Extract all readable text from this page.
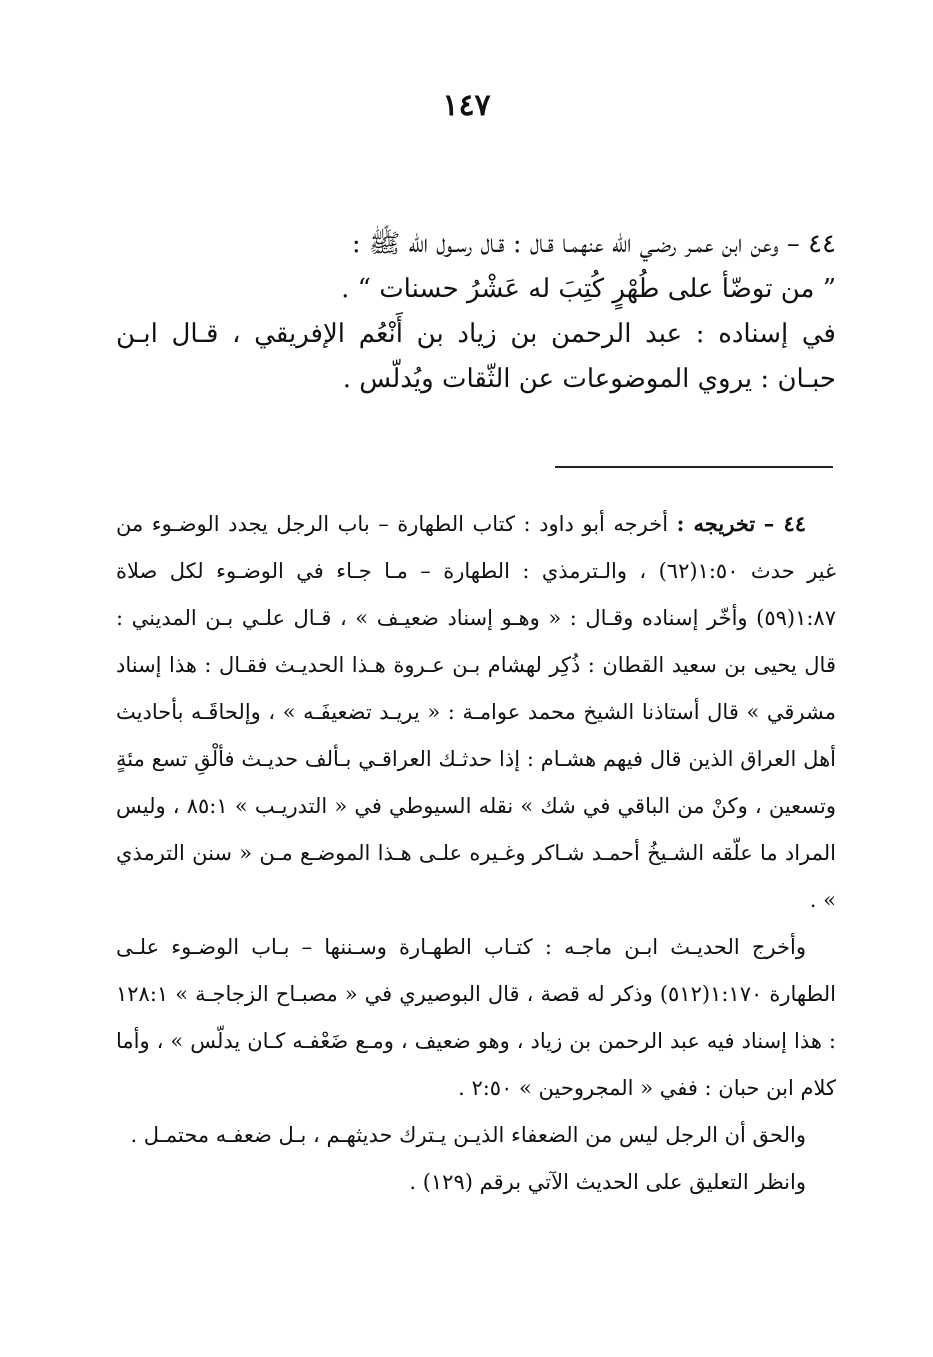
١٤٧

٤٤ – وعن ابن عمـر رضـي الله عنهمـا قـال : قـال رسـول الله ﷺ :

” من توضّأ على طُهْرٍ كُتِبَ له عَشْرُ حسنات “ .

في إسناده : عبد الرحمن بن زياد بن أَنْعُم الإفريقي ، قـال ابـن حبـان : يروي الموضوعات عن الثّقات ويُدلّس .

٤٤ – تخريجه : أخرجه أبو داود : كتاب الطهارة – باب الرجل يجدد الوضـوء من غير حدث ١:٥٠(٦٢) ، والـترمذي : الطهارة – مـا جـاء في الوضـوء لكل صلاة ١:٨٧(٥٩) وأخّر إسناده وقـال : « وهـو إسناد ضعيـف » ، قـال علـي بـن المديني : قال يحيى بن سعيد القطان : ذُكِر لهشام بـن عـروة هـذا الحديـث فقـال : هذا إسناد مشرقي » قال أستاذنا الشيخ محمد عوامـة : « يريـد تضعيفَـه » ، وإلحاقَـه بأحاديث أهل العراق الذين قال فيهم هشـام : إذا حدثـك العراقـي بـألف حديـث فألْقِ تسع مئةٍ وتسعين ، وكنْ من الباقي في شك » نقله السيوطي في « التدريـب » ٨٥:١ ، وليس المراد ما علّقه الشـيخُ أحمـد شـاكر وغـيره علـى هـذا الموضـع مـن « سنن الترمذي » .

وأخرج الحديـث ابـن ماجـه : كتـاب الطهـارة وسـننها – بـاب الوضـوء علـى الطهارة ١:١٧٠(٥١٢) وذكر له قصة ، قال البوصيري في « مصبـاح الزجاجـة » ١٢٨:١ : هذا إسناد فيه عبد الرحمن بن زياد ، وهو ضعيف ، ومـع ضَعْفـه كـان يدلّس » ، وأما كلام ابن حبان : ففي « المجروحين » ٢:٥٠ .

والحق أن الرجل ليس من الضعفاء الذيـن يـترك حديثهـم ، بـل ضعفـه محتمـل .

وانظر التعليق على الحديث الآتي برقم (١٢٩) .
